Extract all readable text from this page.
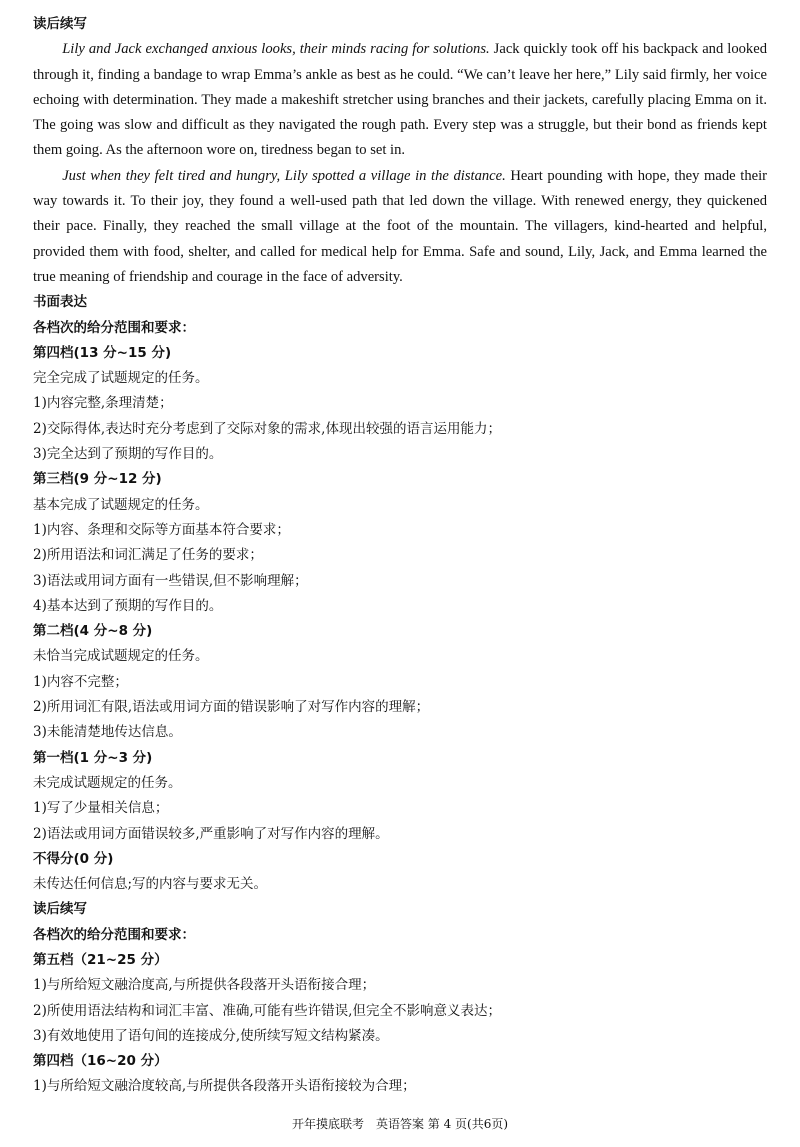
读后续写

Lily and Jack exchanged anxious looks, their minds racing for solutions. Jack quickly took off his backpack and looked through it, finding a bandage to wrap Emma’s ankle as best as he could. “We can’t leave her here,” Lily said firmly, her voice echoing with determination. They made a makeshift stretcher using branches and their jackets, carefully placing Emma on it. The going was slow and difficult as they navigated the rough path. Every step was a struggle, but their bond as friends kept them going. As the afternoon wore on, tiredness began to set in.

Just when they felt tired and hungry, Lily spotted a village in the distance. Heart pounding with hope, they made their way towards it. To their joy, they found a well-used path that led down the village. With renewed energy, they quickened their pace. Finally, they reached the small village at the foot of the mountain. The villagers, kind-hearted and helpful, provided them with food, shelter, and called for medical help for Emma. Safe and sound, Lily, Jack, and Emma learned the true meaning of friendship and courage in the face of adversity.

书面表达
各档次的给分范围和要求：
第四档(13 分~15 分)
完全完成了试题规定的任务。
1)内容完整,条理清楚；
2)交际得体,表达时充分考虑到了交际对象的需求,体现出较强的语言运用能力；
3)完全达到了预期的写作目的。
第三档(9 分~12 分)
基本完成了试题规定的任务。
1)内容、条理和交际等方面基本符合要求；
2)所用语法和词汇满足了任务的要求；
3)语法或用词方面有一些错误,但不影响理解；
4)基本达到了预期的写作目的。
第二档(4 分~8 分)
未恰当完成试题规定的任务。
1)内容不完整；
2)所用词汇有限,语法或用词方面的错误影响了对写作内容的理解；
3)未能清楚地传达信息。
第一档(1 分~3 分)
未完成试题规定的任务。
1)写了少量相关信息；
2)语法或用词方面错误较多,严重影响了对写作内容的理解。
不得分(0 分)
未传达任何信息;写的内容与要求无关。
读后续写
各档次的给分范围和要求：
第五档（21~25 分）
1)与所给短文融洽度高,与所提供各段落开头语衔接合理；
2)所使用语法结构和词汇丰富、准确,可能有些许错误,但完全不影响意义表达；
3)有效地使用了语句间的连接成分,使所续写短文结构紧凑。
第四档（16~20 分）
1)与所给短文融洽度较高,与所提供各段落开头语衔接较为合理；
开年摸底联考　英语答案 第 4 页(共6页)
